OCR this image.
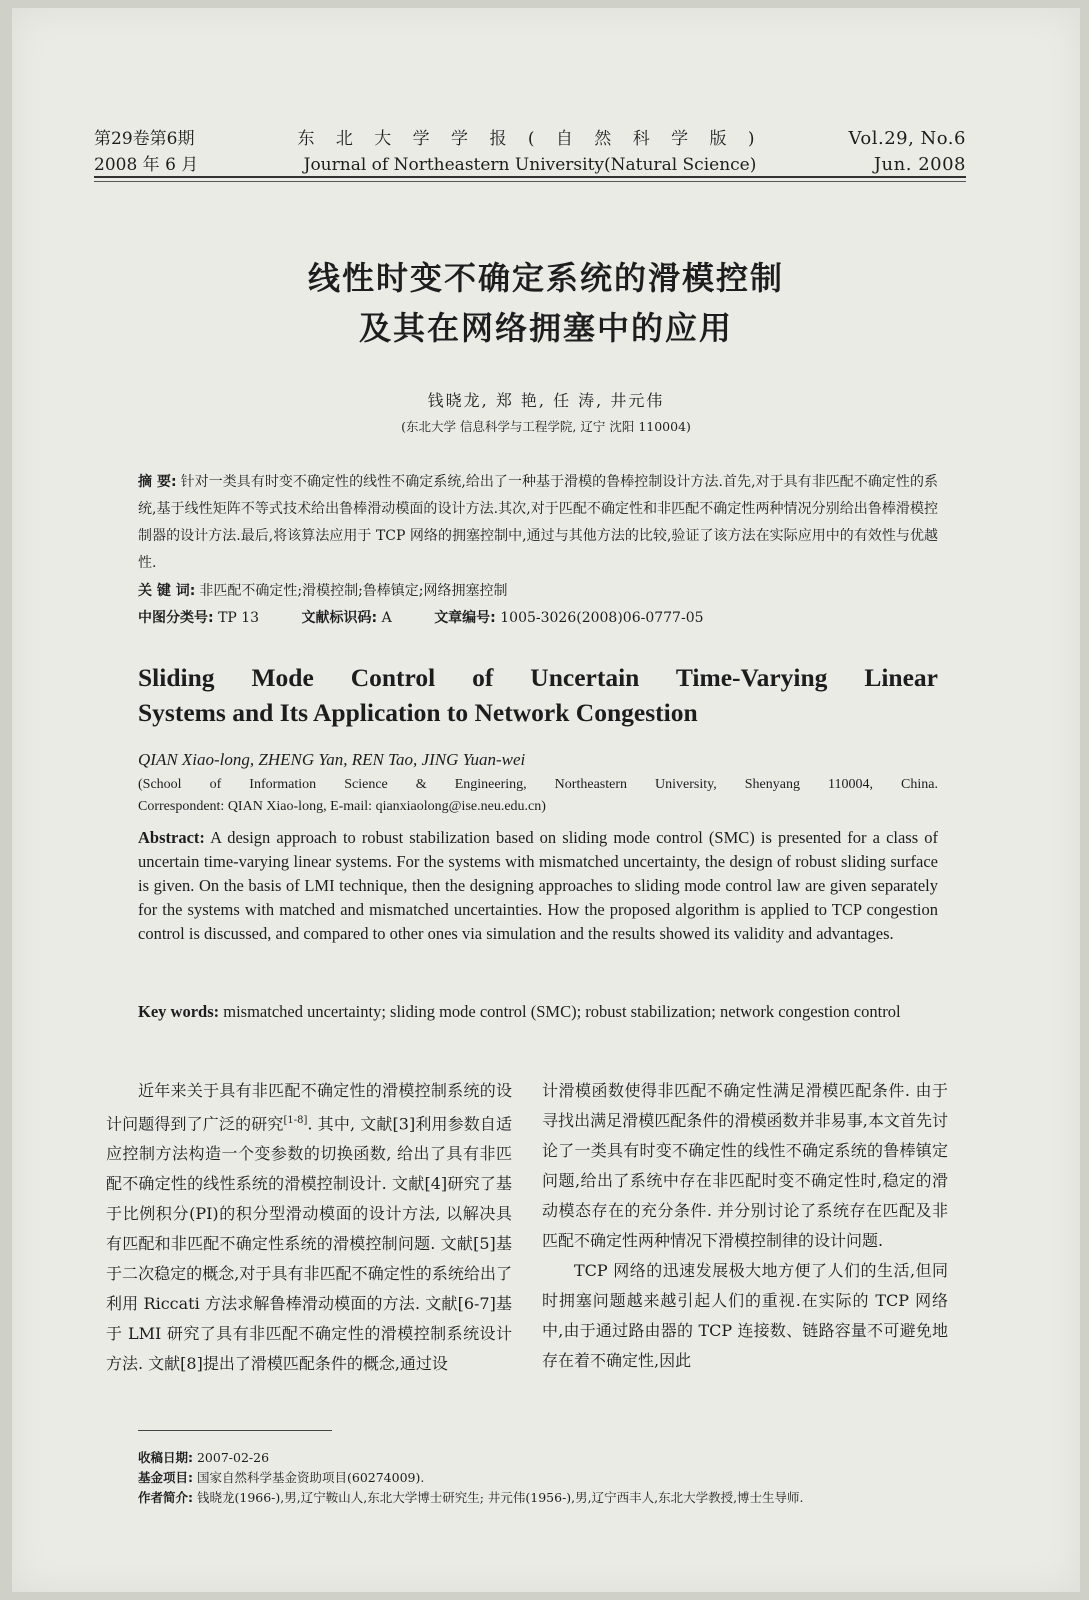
第29卷第6期
2008 年 6 月
东 北 大 学 学 报 ( 自 然 科 学 版 )
Journal of Northeastern University(Natural Science)
Vol.29, No.6
Jun. 2008
线性时变不确定系统的滑模控制
及其在网络拥塞中的应用
钱晓龙, 郑 艳, 任 涛, 井元伟
(东北大学 信息科学与工程学院, 辽宁 沈阳 110004)
摘 要: 针对一类具有时变不确定性的线性不确定系统,给出了一种基于滑模的鲁棒控制设计方法.首先,对于具有非匹配不确定性的系统,基于线性矩阵不等式技术给出鲁棒滑动模面的设计方法.其次,对于匹配不确定性和非匹配不确定性两种情况分别给出鲁棒滑模控制器的设计方法.最后,将该算法应用于 TCP 网络的拥塞控制中,通过与其他方法的比较,验证了该方法在实际应用中的有效性与优越性.
关 键 词: 非匹配不确定性;滑模控制;鲁棒镇定;网络拥塞控制
中图分类号: TP 13	文献标识码: A	文章编号: 1005-3026(2008)06-0777-05
Sliding Mode Control of Uncertain Time-Varying Linear
Systems and Its Application to Network Congestion
QIAN Xiao-long, ZHENG Yan, REN Tao, JING Yuan-wei
(School of Information Science & Engineering, Northeastern University, Shenyang 110004, China.
Correspondent: QIAN Xiao-long, E-mail: qianxiaolong@ise.neu.edu.cn)
Abstract: A design approach to robust stabilization based on sliding mode control (SMC) is presented for a class of uncertain time-varying linear systems. For the systems with mismatched uncertainty, the design of robust sliding surface is given. On the basis of LMI technique, then the designing approaches to sliding mode control law are given separately for the systems with matched and mismatched uncertainties. How the proposed algorithm is applied to TCP congestion control is discussed, and compared to other ones via simulation and the results showed its validity and advantages.
Key words: mismatched uncertainty; sliding mode control (SMC); robust stabilization; network congestion control

近年来关于具有非匹配不确定性的滑模控制系统的设计问题得到了广泛的研究[1-8]. 其中, 文献[3]利用参数自适应控制方法构造一个变参数的切换函数, 给出了具有非匹配不确定性的线性系统的滑模控制设计. 文献[4]研究了基于比例积分(PI)的积分型滑动模面的设计方法, 以解决具有匹配和非匹配不确定性系统的滑模控制问题. 文献[5]基于二次稳定的概念,对于具有非匹配不确定性的系统给出了利用 Riccati 方法求解鲁棒滑动模面的方法. 文献[6-7]基于 LMI 研究了具有非匹配不确定性的滑模控制系统设计方法. 文献[8]提出了滑模匹配条件的概念,通过设

计滑模函数使得非匹配不确定性满足滑模匹配条件. 由于寻找出满足滑模匹配条件的滑模函数并非易事,本文首先讨论了一类具有时变不确定性的线性不确定系统的鲁棒镇定问题,给出了系统中存在非匹配时变不确定性时,稳定的滑动模态存在的充分条件. 并分别讨论了系统存在匹配及非匹配不确定性两种情况下滑模控制律的设计问题.

TCP 网络的迅速发展极大地方便了人们的生活,但同时拥塞问题越来越引起人们的重视.在实际的 TCP 网络中,由于通过路由器的 TCP 连接数、链路容量不可避免地存在着不确定性,因此

收稿日期: 2007-02-26
基金项目: 国家自然科学基金资助项目(60274009).
作者简介: 钱晓龙(1966-),男,辽宁鞍山人,东北大学博士研究生; 井元伟(1956-),男,辽宁西丰人,东北大学教授,博士生导师.
